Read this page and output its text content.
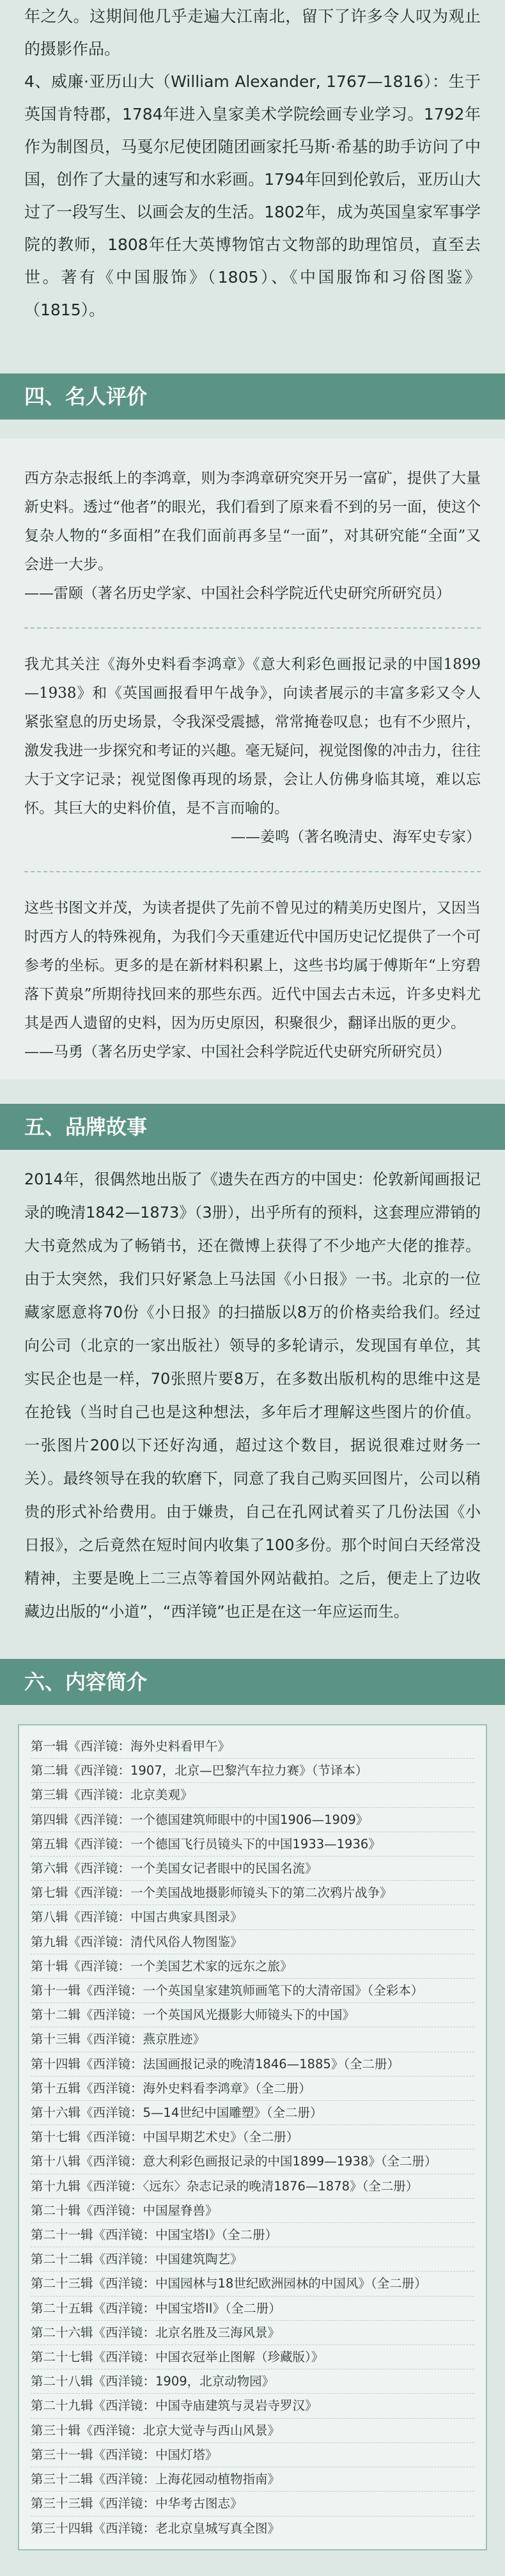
年之久。这期间他几乎走遍大江南北，留下了许多令人叹为观止的摄影作品。

4、威廉·亚历山大（William Alexander, 1767—1816）：生于英国肯特郡，1784年进入皇家美术学院绘画专业学习。1792年作为制图员，马戛尔尼使团随团画家托马斯·希基的助手访问了中国，创作了大量的速写和水彩画。1794年回到伦敦后，亚历山大过了一段写生、以画会友的生活。1802年，成为英国皇家军事学院的教师，1808年任大英博物馆古文物部的助理馆员，直至去世。著有《中国服饰》（1805）、《中国服饰和习俗图鉴》（1815）。

四、名人评价

西方杂志报纸上的李鸿章，则为李鸿章研究突开另一富矿，提供了大量新史料。透过“他者”的眼光，我们看到了原来看不到的另一面，使这个复杂人物的“多面相”在我们面前再多呈“一面”，对其研究能“全面”又会进一大步。

——雷颐（著名历史学家、中国社会科学院近代史研究所研究员）

我尤其关注《海外史料看李鸿章》《意大利彩色画报记录的中国1899—1938》和《英国画报看甲午战争》，向读者展示的丰富多彩又令人紧张窒息的历史场景，令我深受震撼，常常掩卷叹息；也有不少照片，激发我进一步探究和考证的兴趣。毫无疑问，视觉图像的冲击力，往往大于文字记录；视觉图像再现的场景，会让人仿佛身临其境，难以忘怀。其巨大的史料价值，是不言而喻的。

——姜鸣（著名晚清史、海军史专家）

这些书图文并茂，为读者提供了先前不曾见过的精美历史图片，又因当时西方人的特殊视角，为我们今天重建近代中国历史记忆提供了一个可参考的坐标。更多的是在新材料积累上，这些书均属于傅斯年“上穷碧落下黄泉”所期待找回来的那些东西。近代中国去古未远，许多史料尤其是西人遗留的史料，因为历史原因，积聚很少，翻译出版的更少。

——马勇（著名历史学家、中国社会科学院近代史研究所研究员）
五、品牌故事

2014年，很偶然地出版了《遗失在西方的中国史：伦敦新闻画报记录的晚清1842—1873》（3册），出乎所有的预料，这套理应滞销的大书竟然成为了畅销书，还在微博上获得了不少地产大佬的推荐。由于太突然，我们只好紧急上马法国《小日报》一书。北京的一位藏家愿意将70份《小日报》的扫描版以8万的价格卖给我们。经过向公司（北京的一家出版社）领导的多轮请示，发现国有单位，其实民企也是一样，70张照片要8万，在多数出版机构的思维中这是在抢钱（当时自己也是这种想法，多年后才理解这些图片的价值。一张图片200以下还好沟通，超过这个数目，据说很难过财务一关）。最终领导在我的软磨下，同意了我自己购买回图片，公司以稍贵的形式补给费用。由于嫌贵，自己在孔网试着买了几份法国《小日报》，之后竟然在短时间内收集了100多份。那个时间白天经常没精神，主要是晚上二三点等着国外网站截拍。之后，便走上了边收藏边出版的“小道”，“西洋镜”也正是在这一年应运而生。

六、内容简介
第一辑《西洋镜：海外史料看甲午》
第二辑《西洋镜：1907，北京—巴黎汽车拉力赛》（节译本）
第三辑《西洋镜：北京美观》
第四辑《西洋镜：一个德国建筑师眼中的中国1906—1909》
第五辑《西洋镜：一个德国飞行员镜头下的中国1933—1936》
第六辑《西洋镜：一个美国女记者眼中的民国名流》
第七辑《西洋镜：一个美国战地摄影师镜头下的第二次鸦片战争》
第八辑《西洋镜：中国古典家具图录》
第九辑《西洋镜：清代风俗人物图鉴》
第十辑《西洋镜：一个美国艺术家的远东之旅》
第十一辑《西洋镜：一个英国皇家建筑师画笔下的大清帝国》（全彩本）
第十二辑《西洋镜：一个英国风光摄影大师镜头下的中国》
第十三辑《西洋镜：燕京胜迹》
第十四辑《西洋镜：法国画报记录的晚清1846—1885》（全二册）
第十五辑《西洋镜：海外史料看李鸿章》（全二册）
第十六辑《西洋镜：5—14世纪中国雕塑》（全二册）
第十七辑《西洋镜：中国早期艺术史》（全二册）
第十八辑《西洋镜：意大利彩色画报记录的中国1899—1938》（全二册）
第十九辑《西洋镜：〈远东〉杂志记录的晚清1876—1878》（全二册）
第二十辑《西洋镜：中国屋脊兽》
第二十一辑《西洋镜：中国宝塔I》（全二册）
第二十二辑《西洋镜：中国建筑陶艺》
第二十三辑《西洋镜：中国园林与18世纪欧洲园林的中国风》（全二册）
第二十五辑《西洋镜：中国宝塔II》（全二册）
第二十六辑《西洋镜：北京名胜及三海风景》
第二十七辑《西洋镜：中国衣冠举止图解（珍藏版）》
第二十八辑《西洋镜：1909，北京动物园》
第二十九辑《西洋镜：中国寺庙建筑与灵岩寺罗汉》
第三十辑《西洋镜：北京大觉寺与西山风景》
第三十一辑《西洋镜：中国灯塔》
第三十二辑《西洋镜：上海花园动植物指南》
第三十三辑《西洋镜：中华考古图志》
第三十四辑《西洋镜：老北京皇城写真全图》
